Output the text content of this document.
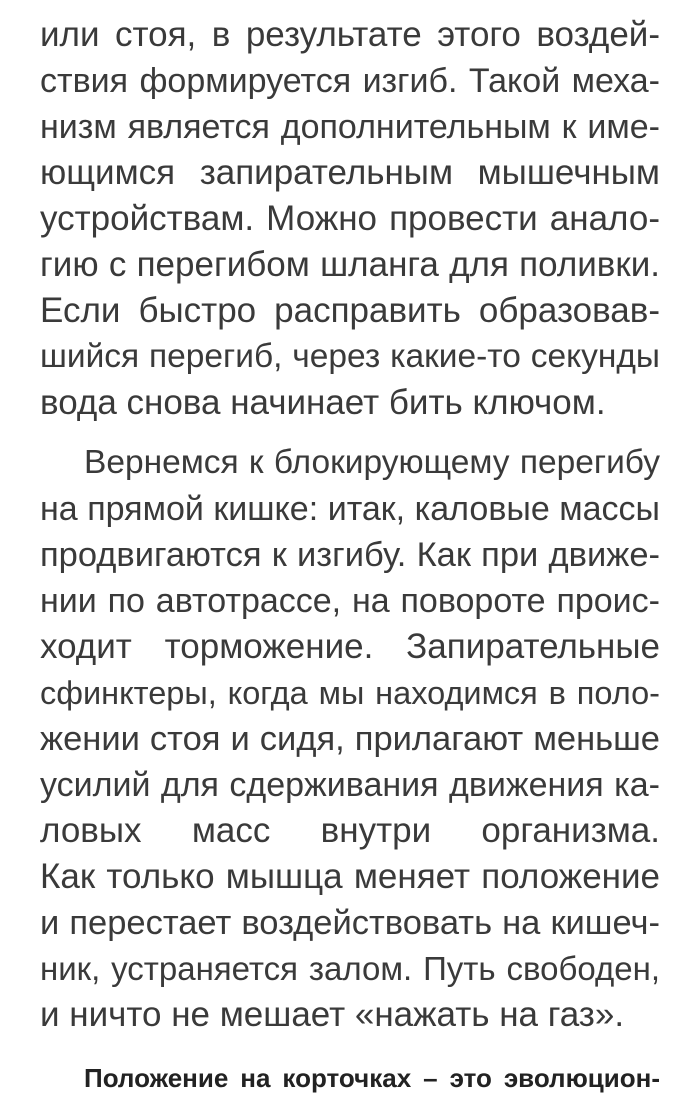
или стоя, в результате этого воздей-
ствия формируется изгиб. Такой меха-
низм является дополнительным к име-
ющимся запирательным мышечным
устройствам. Можно провести анало-
гию с перегибом шланга для поливки.
Если быстро расправить образовав-
шийся перегиб, через какие-то секунды
вода снова начинает бить ключом.
Вернемся к блокирующему перегибу
на прямой кишке: итак, каловые массы
продвигаются к изгибу. Как при движе-
нии по автотрассе, на повороте проис-
ходит торможение. Запирательные
сфинктеры, когда мы находимся в поло-
жении стоя и сидя, прилагают меньше
усилий для сдерживания движения ка-
ловых масс внутри организма.
Как только мышца меняет положение
и перестает воздействовать на кишеч-
ник, устраняется залом. Путь свободен,
и ничто не мешает «нажать на газ».
Положение на корточках – это эволюцион-
